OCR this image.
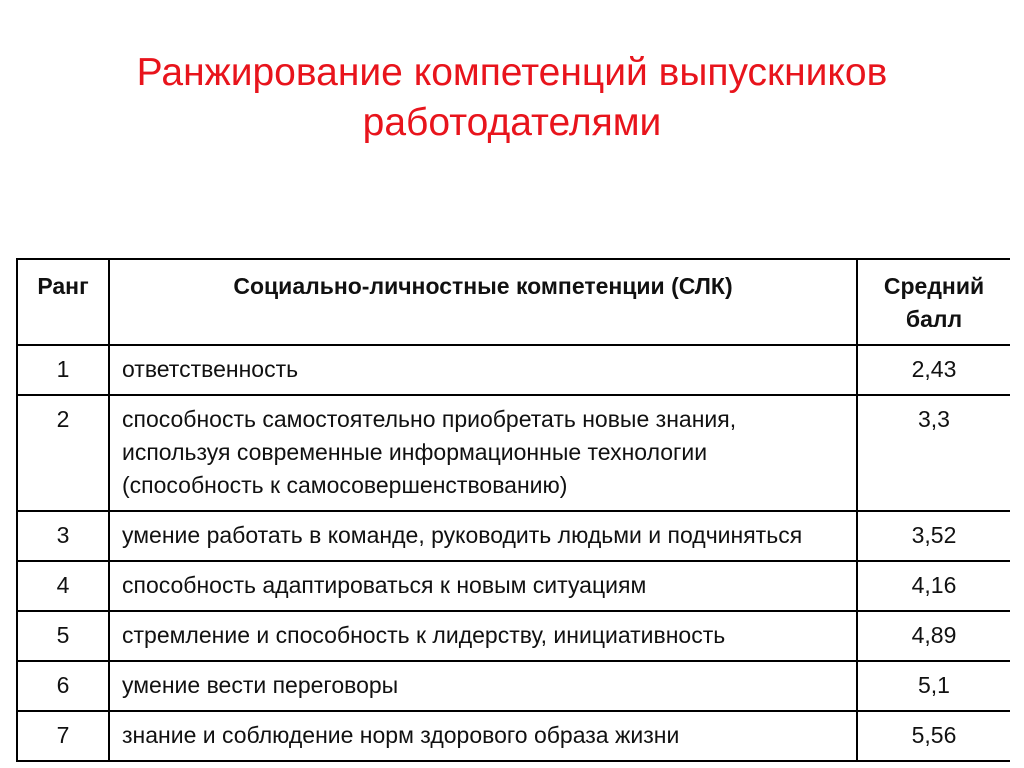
Ранжирование компетенций выпускников
работодателями
Ранг	Социально-личностные компетенции (СЛК)	Средний балл
1	ответственность	2,43
2	способность самостоятельно приобретать новые знания, используя современные информационные технологии (способность к самосовершенствованию)	3,3
3	умение работать в команде, руководить людьми и подчиняться	3,52
4	способность адаптироваться к новым ситуациям	4,16
5	стремление и способность к лидерству, инициативность	4,89
6	умение вести переговоры	5,1
7	знание и соблюдение норм здорового образа жизни	5,56
